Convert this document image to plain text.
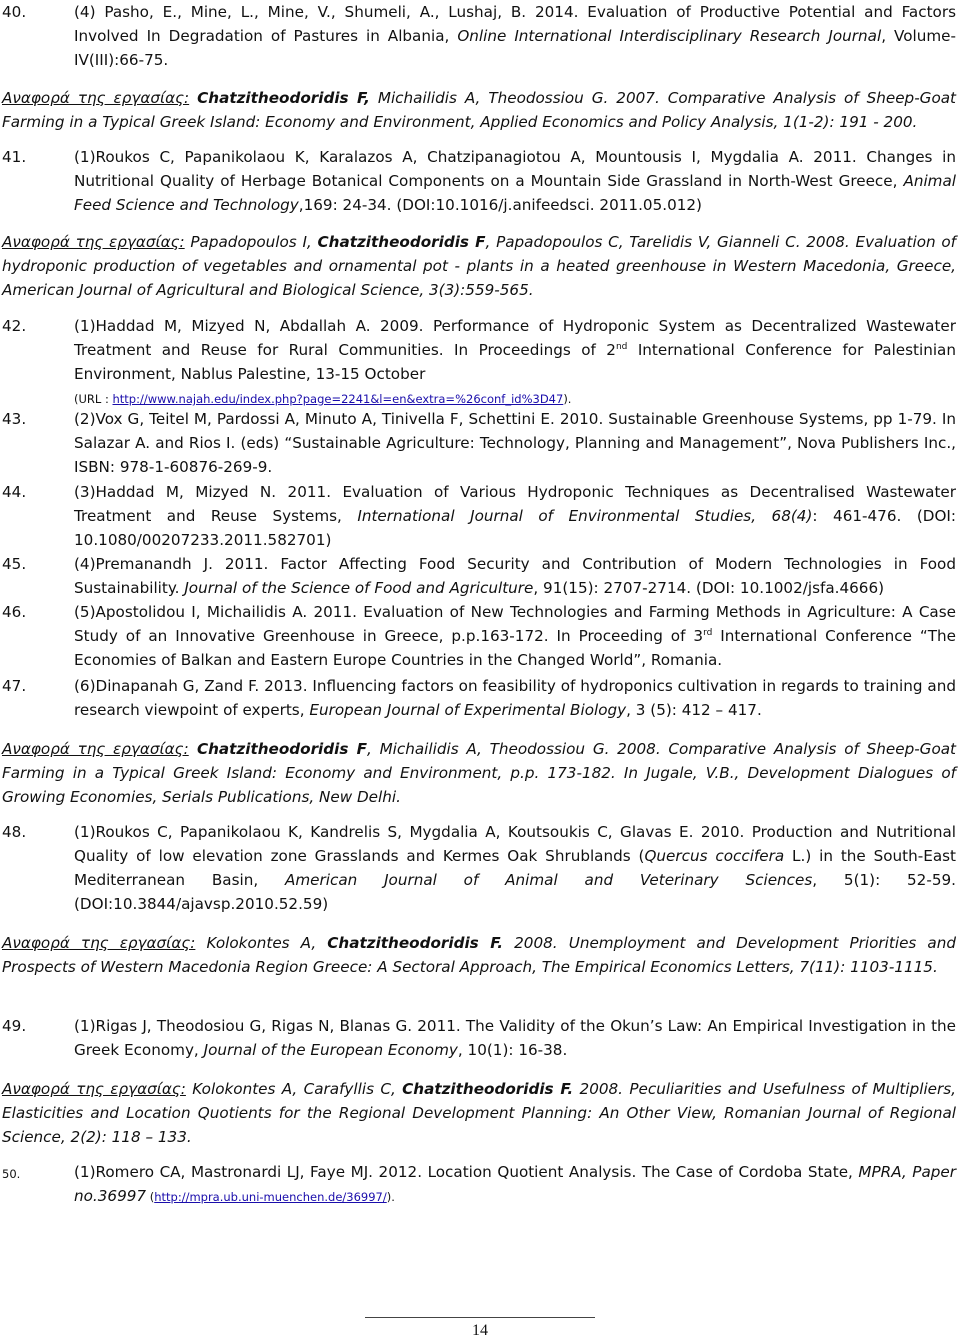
40.	(4) Pasho, E., Mine, L., Mine, V., Shumeli, A., Lushaj, B. 2014. Evaluation of Productive Potential and Factors Involved In Degradation of Pastures in Albania, Online International Interdisciplinary Research Journal, Volume-IV(III):66-75.
Αναφορά της εργασίας: Chatzitheodoridis F, Michailidis A, Theodossiou G. 2007. Comparative Analysis of Sheep-Goat Farming in a Typical Greek Island: Economy and Environment, Applied Economics and Policy Analysis, 1(1-2): 191 - 200.
41.	(1)Roukos C, Papanikolaou K, Karalazos A, Chatzipanagiotou A, Mountousis I, Mygdalia A. 2011. Changes in Nutritional Quality of Herbage Botanical Components on a Mountain Side Grassland in North-West Greece, Animal Feed Science and Technology,169: 24-34. (DOI:10.1016/j.anifeedsci. 2011.05.012)
Αναφορά της εργασίας: Papadopoulos I, Chatzitheodoridis F, Papadopoulos C, Tarelidis V, Gianneli C. 2008. Evaluation of hydroponic production of vegetables and ornamental pot - plants in a heated greenhouse in Western Macedonia, Greece, American Journal of Agricultural and Biological Science, 3(3):559-565.
42.	(1)Haddad M, Mizyed N, Abdallah A. 2009. Performance of Hydroponic System as Decentralized Wastewater Treatment and Reuse for Rural Communities. In Proceedings of 2nd International Conference for Palestinian Environment, Nablus Palestine, 13-15 October
(URL : http://www.najah.edu/index.php?page=2241&l=en&extra=%26conf_id%3D47).
43.	(2)Vox G, Teitel M, Pardossi A, Minuto A, Tinivella F, Schettini E. 2010. Sustainable Greenhouse Systems, pp 1-79. In Salazar A. and Rios I. (eds) “Sustainable Agriculture: Technology, Planning and Management”, Nova Publishers Inc., ISBN: 978-1-60876-269-9.
44.	(3)Haddad M, Mizyed N. 2011. Evaluation of Various Hydroponic Techniques as Decentralised Wastewater Treatment and Reuse Systems, International Journal of Environmental Studies, 68(4): 461-476. (DOI: 10.1080/00207233.2011.582701)
45.	(4)Premanandh J. 2011. Factor Affecting Food Security and Contribution of Modern Technologies in Food Sustainability. Journal of the Science of Food and Agriculture, 91(15): 2707-2714. (DOI: 10.1002/jsfa.4666)
46.	(5)Apostolidou I, Michailidis A. 2011. Evaluation of New Technologies and Farming Methods in Agriculture: A Case Study of an Innovative Greenhouse in Greece, p.p.163-172. In Proceeding of 3rd International Conference “The Economies of Balkan and Eastern Europe Countries in the Changed World”, Romania.
47.	(6)Dinapanah G, Zand F. 2013. Influencing factors on feasibility of hydroponics cultivation in regards to training and research viewpoint of experts, European Journal of Experimental Biology, 3 (5): 412 – 417.
Αναφορά της εργασίας: Chatzitheodoridis F, Michailidis A, Theodossiou G. 2008. Comparative Analysis of Sheep-Goat Farming in a Typical Greek Island: Economy and Environment, p.p. 173-182. In Jugale, V.B., Development Dialogues of Growing Economies, Serials Publications, New Delhi.
48.	(1)Roukos C, Papanikolaou K, Kandrelis S, Mygdalia A, Koutsoukis C, Glavas E. 2010. Production and Nutritional Quality of low elevation zone Grasslands and Kermes Oak Shrublands (Quercus coccifera L.) in the South-East Mediterranean Basin, American Journal of Animal and Veterinary Sciences, 5(1): 52-59. (DOI:10.3844/ajavsp.2010.52.59)
Αναφορά της εργασίας: Kolokontes A, Chatzitheodoridis F. 2008. Unemployment and Development Priorities and Prospects of Western Macedonia Region Greece: A Sectoral Approach, The Empirical Economics Letters, 7(11): 1103-1115.
49.	(1)Rigas J, Theodosiou G, Rigas N, Blanas G. 2011. The Validity of the Okun’s Law: An Empirical Investigation in the Greek Economy, Journal of the European Economy, 10(1): 16-38.
Αναφορά της εργασίας: Kolokontes A, Carafyllis C, Chatzitheodoridis F. 2008. Peculiarities and Usefulness of Multipliers, Elasticities and Location Quotients for the Regional Development Planning: An Other View, Romanian Journal of Regional Science, 2(2): 118 – 133.
50.	(1)Romero CA, Mastronardi LJ, Faye MJ. 2012. Location Quotient Analysis. The Case of Cordoba State, MPRA, Paper no.36997 (http://mpra.ub.uni-muenchen.de/36997/).
14
